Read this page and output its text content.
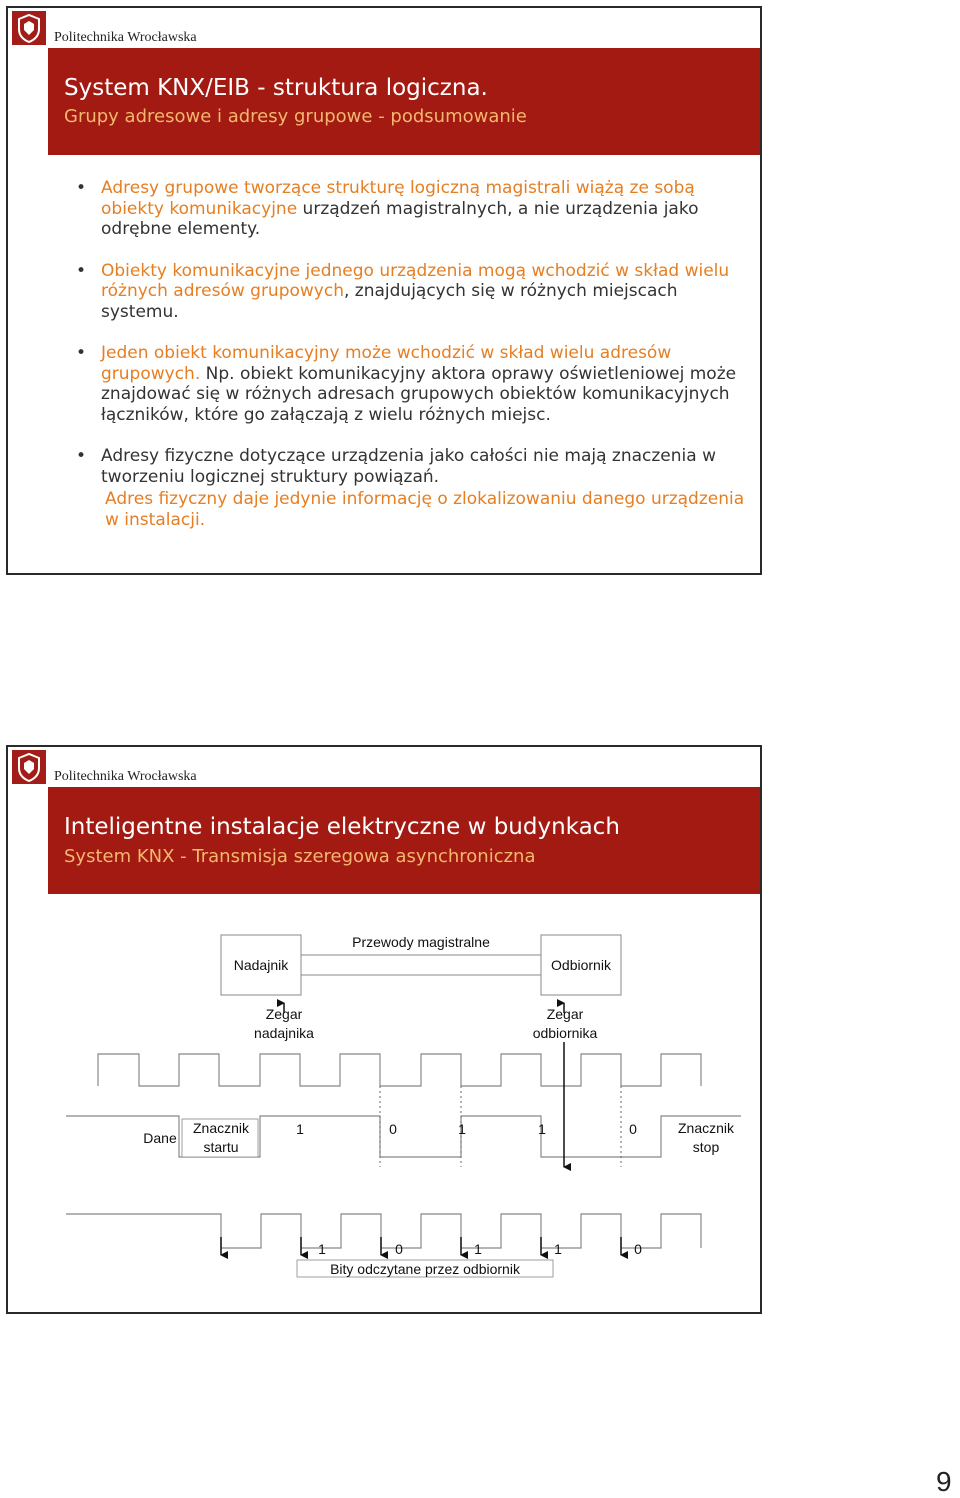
Politechnika Wrocławska
System KNX/EIB - struktura logiczna.
Grupy adresowe i adresy grupowe - podsumowanie
• Adresy grupowe tworzące strukturę logiczną magistrali wiążą ze sobą obiekty komunikacyjne urządzeń magistralnych, a nie urządzenia jako odrębne elementy.
• Obiekty komunikacyjne jednego urządzenia mogą wchodzić w skład wielu różnych adresów grupowych, znajdujących się w różnych miejscach systemu.
• Jeden obiekt komunikacyjny może wchodzić w skład wielu adresów grupowych. Np. obiekt komunikacyjny aktora oprawy oświetleniowej może znajdować się w różnych adresach grupowych obiektów komunikacyjnych łączników, które go załączają z wielu różnych miejsc.
• Adresy fizyczne dotyczące urządzenia jako całości nie mają znaczenia w tworzeniu logicznej struktury powiązań.
Adres fizyczny daje jedynie informację o zlokalizowaniu danego urządzenia w instalacji.
Politechnika Wrocławska
Inteligentne instalacje elektryczne w budynkach
System KNX - Transmisja szeregowa asynchroniczna
Nadajnik	Odbiornik
Przewody magistralne
Zegar
nadajnika
Zegar
odbiornika
Dane
Znacznik
startu
1	0	1	1	0	Znacznik
stop
1	0	1	1	0
Bity odczytane przez odbiornik
9
